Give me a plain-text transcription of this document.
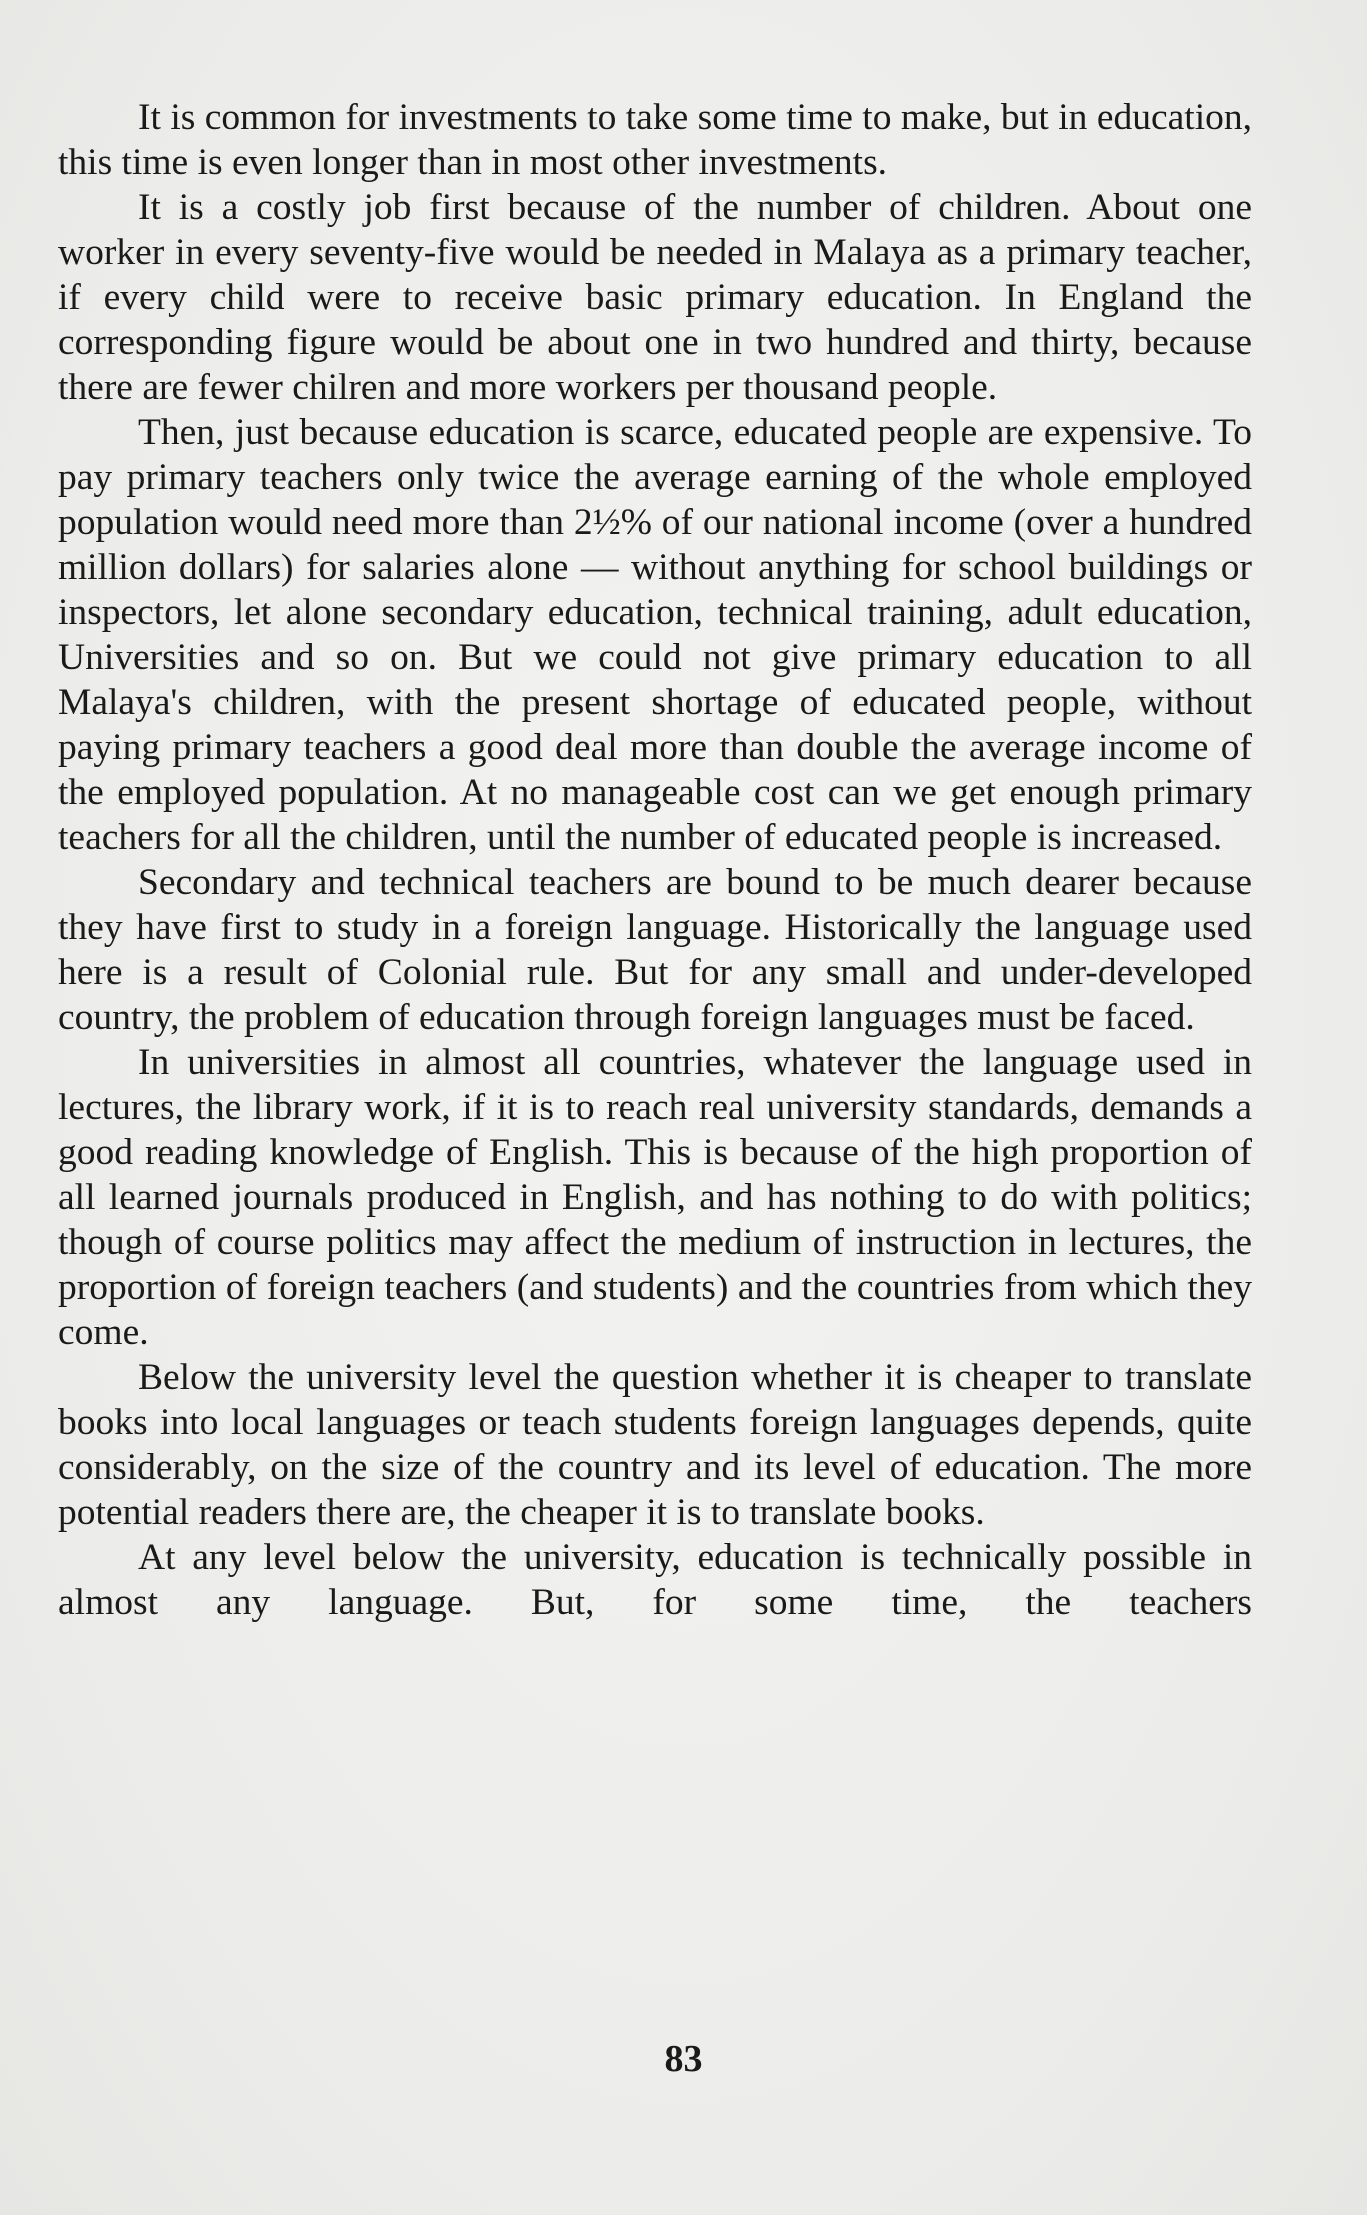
It is common for investments to take some time to make, but in education, this time is even longer than in most other investments.

It is a costly job first because of the number of children. About one worker in every seventy-five would be needed in Malaya as a primary teacher, if every child were to receive basic primary education. In England the corresponding figure would be about one in two hundred and thirty, because there are fewer chilren and more workers per thousand people.

Then, just because education is scarce, educated people are expensive. To pay primary teachers only twice the average earning of the whole employed population would need more than 2½% of our national income (over a hundred million dollars) for salaries alone — without anything for school buildings or inspectors, let alone secondary education, technical training, adult education, Universities and so on. But we could not give primary education to all Malaya's children, with the present shortage of educated people, without paying primary teachers a good deal more than double the average income of the employed population. At no manageable cost can we get enough primary teachers for all the children, until the number of educated people is increased.

Secondary and technical teachers are bound to be much dearer because they have first to study in a foreign language. Historically the language used here is a result of Colonial rule. But for any small and under-developed country, the problem of education through foreign languages must be faced.

In universities in almost all countries, whatever the language used in lectures, the library work, if it is to reach real university standards, demands a good reading knowledge of English. This is because of the high proportion of all learned journals produced in English, and has nothing to do with politics; though of course politics may affect the medium of instruction in lectures, the proportion of foreign teachers (and students) and the countries from which they come.

Below the university level the question whether it is cheaper to translate books into local languages or teach students foreign languages depends, quite considerably, on the size of the country and its level of education. The more potential readers there are, the cheaper it is to translate books.

At any level below the university, education is technically possible in almost any language. But, for some time, the teachers

83
